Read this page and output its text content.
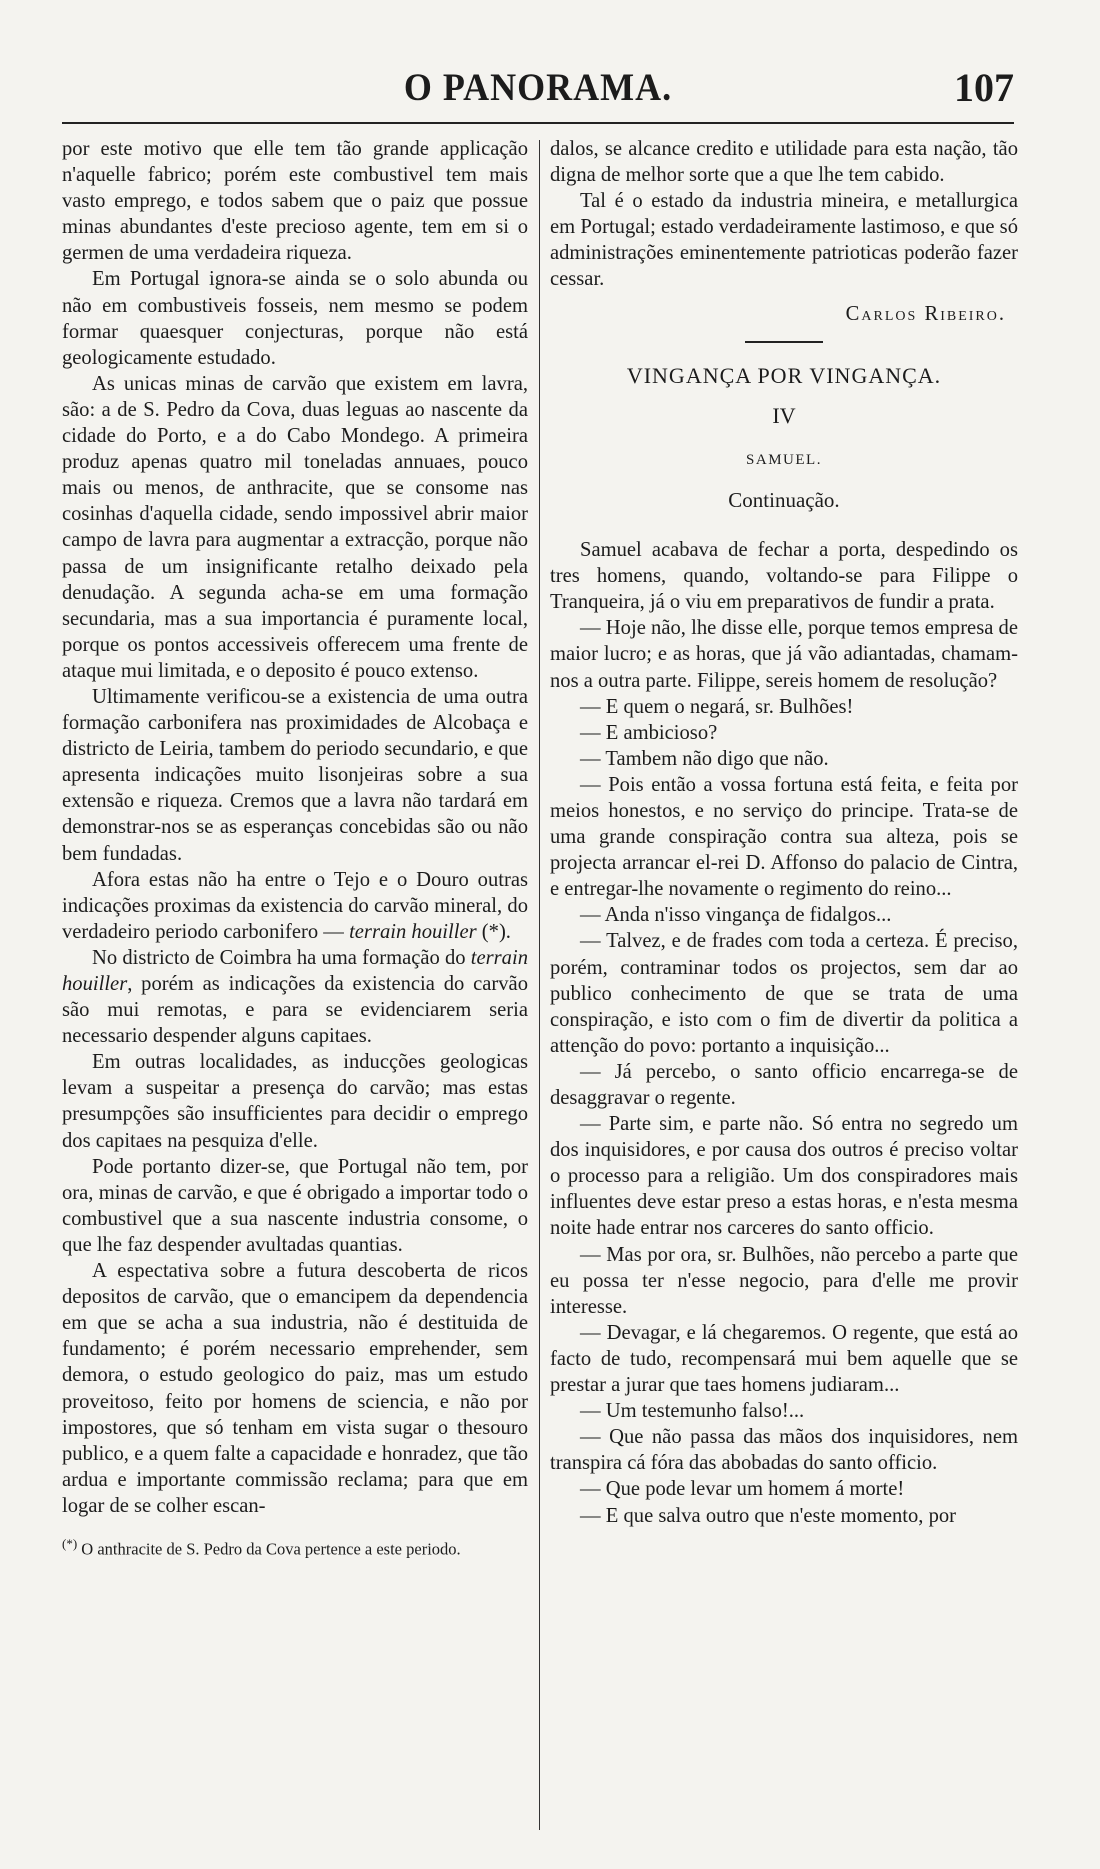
O PANORAMA.	107

por este motivo que elle tem tão grande applicação n'aquelle fabrico; porém este combustivel tem mais vasto emprego, e todos sabem que o paiz que possue minas abundantes d'este precioso agente, tem em si o germen de uma verdadeira riqueza.

Em Portugal ignora-se ainda se o solo abunda ou não em combustiveis fosseis, nem mesmo se podem formar quaesquer conjecturas, porque não está geologicamente estudado.

As unicas minas de carvão que existem em lavra, são: a de S. Pedro da Cova, duas leguas ao nascente da cidade do Porto, e a do Cabo Mondego. A primeira produz apenas quatro mil toneladas annuaes, pouco mais ou menos, de anthracite, que se consome nas cosinhas d'aquella cidade, sendo impossivel abrir maior campo de lavra para augmentar a extracção, porque não passa de um insignificante retalho deixado pela denudação. A segunda acha-se em uma formação secundaria, mas a sua importancia é puramente local, porque os pontos accessiveis offerecem uma frente de ataque mui limitada, e o deposito é pouco extenso.

Ultimamente verificou-se a existencia de uma outra formação carbonifera nas proximidades de Alcobaça e districto de Leiria, tambem do periodo secundario, e que apresenta indicações muito lisonjeiras sobre a sua extensão e riqueza. Cremos que a lavra não tardará em demonstrar-nos se as esperanças concebidas são ou não bem fundadas.

Afora estas não ha entre o Tejo e o Douro outras indicações proximas da existencia do carvão mineral, do verdadeiro periodo carbonifero — terrain houiller (*).

No districto de Coimbra ha uma formação do terrain houiller, porém as indicações da existencia do carvão são mui remotas, e para se evidenciarem seria necessario despender alguns capitaes.

Em outras localidades, as inducções geologicas levam a suspeitar a presença do carvão; mas estas presumpções são insufficientes para decidir o emprego dos capitaes na pesquiza d'elle.

Pode portanto dizer-se, que Portugal não tem, por ora, minas de carvão, e que é obrigado a importar todo o combustivel que a sua nascente industria consome, o que lhe faz despender avultadas quantias.

A espectativa sobre a futura descoberta de ricos depositos de carvão, que o emancipem da dependencia em que se acha a sua industria, não é destituida de fundamento; é porém necessario emprehender, sem demora, o estudo geologico do paiz, mas um estudo proveitoso, feito por homens de sciencia, e não por impostores, que só tenham em vista sugar o thesouro publico, e a quem falte a capacidade e honradez, que tão ardua e importante commissão reclama; para que em logar de se colher escan-

(*) O anthracite de S. Pedro da Cova pertence a este periodo.

dalos, se alcance credito e utilidade para esta nação, tão digna de melhor sorte que a que lhe tem cabido.

Tal é o estado da industria mineira, e metallurgica em Portugal; estado verdadeiramente lastimoso, e que só administrações eminentemente patrioticas poderão fazer cessar.

Carlos Ribeiro.
VINGANÇA POR VINGANÇA.
IV
SAMUEL.
Continuação.

Samuel acabava de fechar a porta, despedindo os tres homens, quando, voltando-se para Filippe o Tranqueira, já o viu em preparativos de fundir a prata.

— Hoje não, lhe disse elle, porque temos empresa de maior lucro; e as horas, que já vão adiantadas, chamam-nos a outra parte. Filippe, sereis homem de resolução?

— E quem o negará, sr. Bulhões!

— E ambicioso?

— Tambem não digo que não.

— Pois então a vossa fortuna está feita, e feita por meios honestos, e no serviço do principe. Trata-se de uma grande conspiração contra sua alteza, pois se projecta arrancar el-rei D. Affonso do palacio de Cintra, e entregar-lhe novamente o regimento do reino...

— Anda n'isso vingança de fidalgos...

— Talvez, e de frades com toda a certeza. É preciso, porém, contraminar todos os projectos, sem dar ao publico conhecimento de que se trata de uma conspiração, e isto com o fim de divertir da politica a attenção do povo: portanto a inquisição...

— Já percebo, o santo officio encarrega-se de desaggravar o regente.

— Parte sim, e parte não. Só entra no segredo um dos inquisidores, e por causa dos outros é preciso voltar o processo para a religião. Um dos conspiradores mais influentes deve estar preso a estas horas, e n'esta mesma noite hade entrar nos carceres do santo officio.

— Mas por ora, sr. Bulhões, não percebo a parte que eu possa ter n'esse negocio, para d'elle me provir interesse.

— Devagar, e lá chegaremos. O regente, que está ao facto de tudo, recompensará mui bem aquelle que se prestar a jurar que taes homens judiaram...

— Um testemunho falso!...

— Que não passa das mãos dos inquisidores, nem transpira cá fóra das abobadas do santo officio.

— Que pode levar um homem á morte!

— E que salva outro que n'este momento, por
